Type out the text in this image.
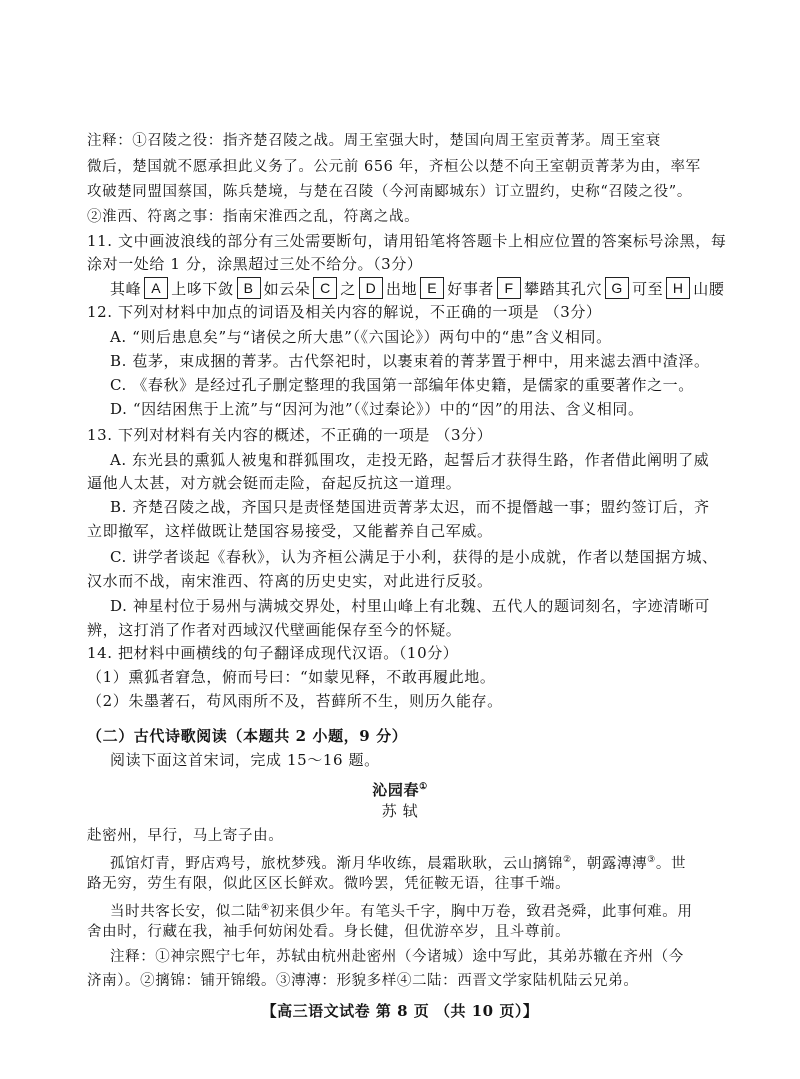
注释：①召陵之役：指齐楚召陵之战。周王室强大时，楚国向周王室贡菁茅。周王室衰
微后，楚国就不愿承担此义务了。公元前 656 年，齐桓公以楚不向王室朝贡菁茅为由，率军
攻破楚同盟国蔡国，陈兵楚境，与楚在召陵（今河南郾城东）订立盟约，史称“召陵之役”。
②淮西、符离之事：指南宋淮西之乱，符离之战。
11. 文中画波浪线的部分有三处需要断句，请用铅笔将答题卡上相应位置的答案标号涂黑，每
涂对一处给 1 分，涂黑超过三处不给分。（3分）
其峰 A 上哆下敛 B 如云朵 C 之 D 出地 E 好事者 F 攀踏其孔穴 G 可至 H 山腰
12. 下列对材料中加点的词语及相关内容的解说，不正确的一项是 （3分）
A. “则后患息矣”与“诸侯之所大患”（《六国论》）两句中的“患”含义相同。
B. 苞茅，束成捆的菁茅。古代祭祀时，以裹束着的菁茅置于柙中，用来滤去酒中渣泽。
C. 《春秋》是经过孔子删定整理的我国第一部编年体史籍，是儒家的重要著作之一。
D. “因结困焦于上流”与“因河为池”（《过秦论》）中的“因”的用法、含义相同。
13. 下列对材料有关内容的概述，不正确的一项是 （3分）
A. 东光县的熏狐人被鬼和群狐围攻，走投无路，起誓后才获得生路，作者借此阐明了威
逼他人太甚，对方就会铤而走险，奋起反抗这一道理。
B. 齐楚召陵之战，齐国只是责怪楚国进贡菁茅太迟，而不提僭越一事；盟约签订后，齐
立即撤军，这样做既让楚国容易接受，又能蓄养自己军威。
C. 讲学者谈起《春秋》，认为齐桓公满足于小利，获得的是小成就，作者以楚国据方城、
汉水而不战，南宋淮西、符离的历史史实，对此进行反驳。
D. 神星村位于易州与满城交界处，村里山峰上有北魏、五代人的题词刻名，字迹清晰可
辨，这打消了作者对西域汉代壁画能保存至今的怀疑。
14. 把材料中画横线的句子翻译成现代汉语。（10分）
（1）熏狐者窘急，俯而号曰：“如蒙见释，不敢再履此地。
（2）朱墨著石，苟风雨所不及，苔藓所不生，则历久能存。
（二）古代诗歌阅读（本题共 2 小题，9 分）
阅读下面这首宋词，完成 15～16 题。
沁园春①
苏 轼
赴密州，早行，马上寄子由。
孤馆灯青，野店鸡号，旅枕梦残。渐月华收练，晨霜耿耿，云山摛锦②，朝露漙漙③。世
路无穷，劳生有限，似此区区长鲜欢。微吟罢，凭征鞍无语，往事千端。
当时共客长安，似二陆④初来俱少年。有笔头千字，胸中万卷，致君尧舜，此事何难。用
舍由时，行藏在我，袖手何妨闲处看。身长健，但优游卒岁，且斗尊前。
注释：①神宗熙宁七年，苏轼由杭州赴密州（今诸城）途中写此，其弟苏辙在齐州（今
济南）。②摛锦：铺开锦缎。③漙漙：形貌多样④二陆：西晋文学家陆机陆云兄弟。
【高三语文试卷 第 8 页 （共 10 页）】
